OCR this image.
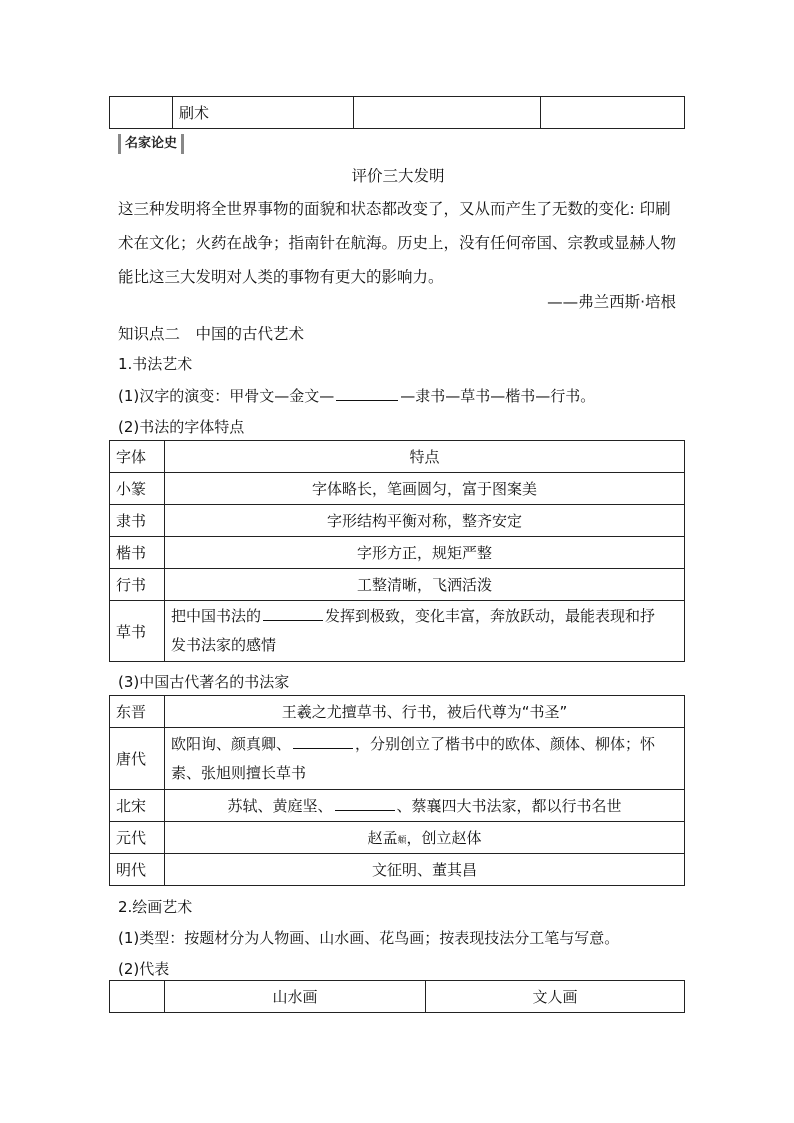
	刷术		
名家论史
评价三大发明
这三种发明将全世界事物的面貌和状态都改变了，又从而产生了无数的变化: 印刷术在文化；火药在战争；指南针在航海。历史上，没有任何帝国、宗教或显赫人物能比这三大发明对人类的事物有更大的影响力。
——弗兰西斯·培根
知识点二　中国的古代艺术
1.书法艺术
(1)汉字的演变：甲骨文—金文—	—隶书—草书—楷书—行书。
(2)书法的字体特点
字体	特点
小篆	字体略长，笔画圆匀，富于图案美
隶书	字形结构平衡对称，整齐安定
楷书	字形方正，规矩严整
行书	工整清晰，飞洒活泼
草书	把中国书法的 发挥到极致，变化丰富，奔放跃动，最能表现和抒
发书法家的感情
(3)中国古代著名的书法家
东晋	王羲之尤擅草书、行书，被后代尊为“书圣”
唐代	欧阳询、颜真卿、 ，分别创立了楷书中的欧体、颜体、柳体；怀
素、张旭则擅长草书
北宋	苏轼、黄庭坚、 、蔡襄四大书法家，都以行书名世
元代	赵孟頫，创立赵体
明代	文征明、董其昌
2.绘画艺术
(1)类型：按题材分为人物画、山水画、花鸟画；按表现技法分工笔与写意。
(2)代表
	山水画	文人画
